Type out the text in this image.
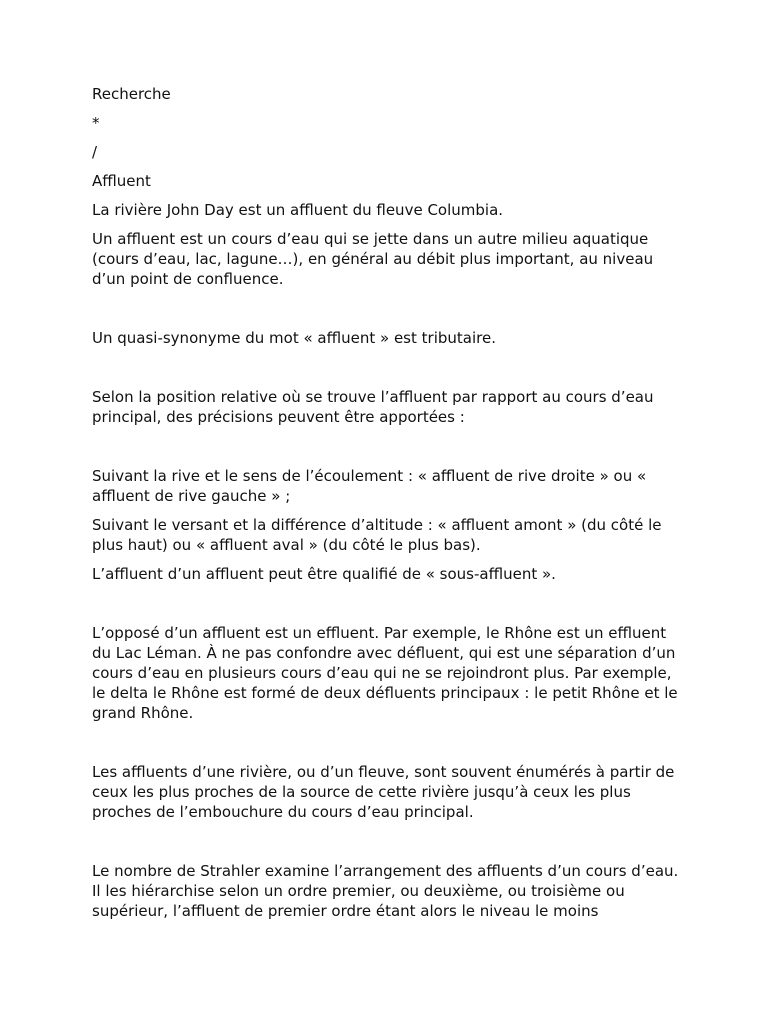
Recherche

*

/

Affluent

La rivière John Day est un affluent du fleuve Columbia.

Un affluent est un cours d’eau qui se jette dans un autre milieu aquatique (cours d’eau, lac, lagune…), en général au débit plus important, au niveau d’un point de confluence.

Un quasi-synonyme du mot « affluent » est tributaire.

Selon la position relative où se trouve l’affluent par rapport au cours d’eau principal, des précisions peuvent être apportées :

Suivant la rive et le sens de l’écoulement : « affluent de rive droite » ou « affluent de rive gauche » ;

Suivant le versant et la différence d’altitude : « affluent amont » (du côté le plus haut) ou « affluent aval » (du côté le plus bas).

L’affluent d’un affluent peut être qualifié de « sous-affluent ».

L’opposé d’un affluent est un effluent. Par exemple, le Rhône est un effluent du Lac Léman. À ne pas confondre avec défluent, qui est une séparation d’un cours d’eau en plusieurs cours d’eau qui ne se rejoindront plus. Par exemple, le delta le Rhône est formé de deux défluents principaux : le petit Rhône et le grand Rhône.

Les affluents d’une rivière, ou d’un fleuve, sont souvent énumérés à partir de ceux les plus proches de la source de cette rivière jusqu’à ceux les plus proches de l’embouchure du cours d’eau principal.

Le nombre de Strahler examine l’arrangement des affluents d’un cours d’eau. Il les hiérarchise selon un ordre premier, ou deuxième, ou troisième ou supérieur, l’affluent de premier ordre étant alors le niveau le moins
